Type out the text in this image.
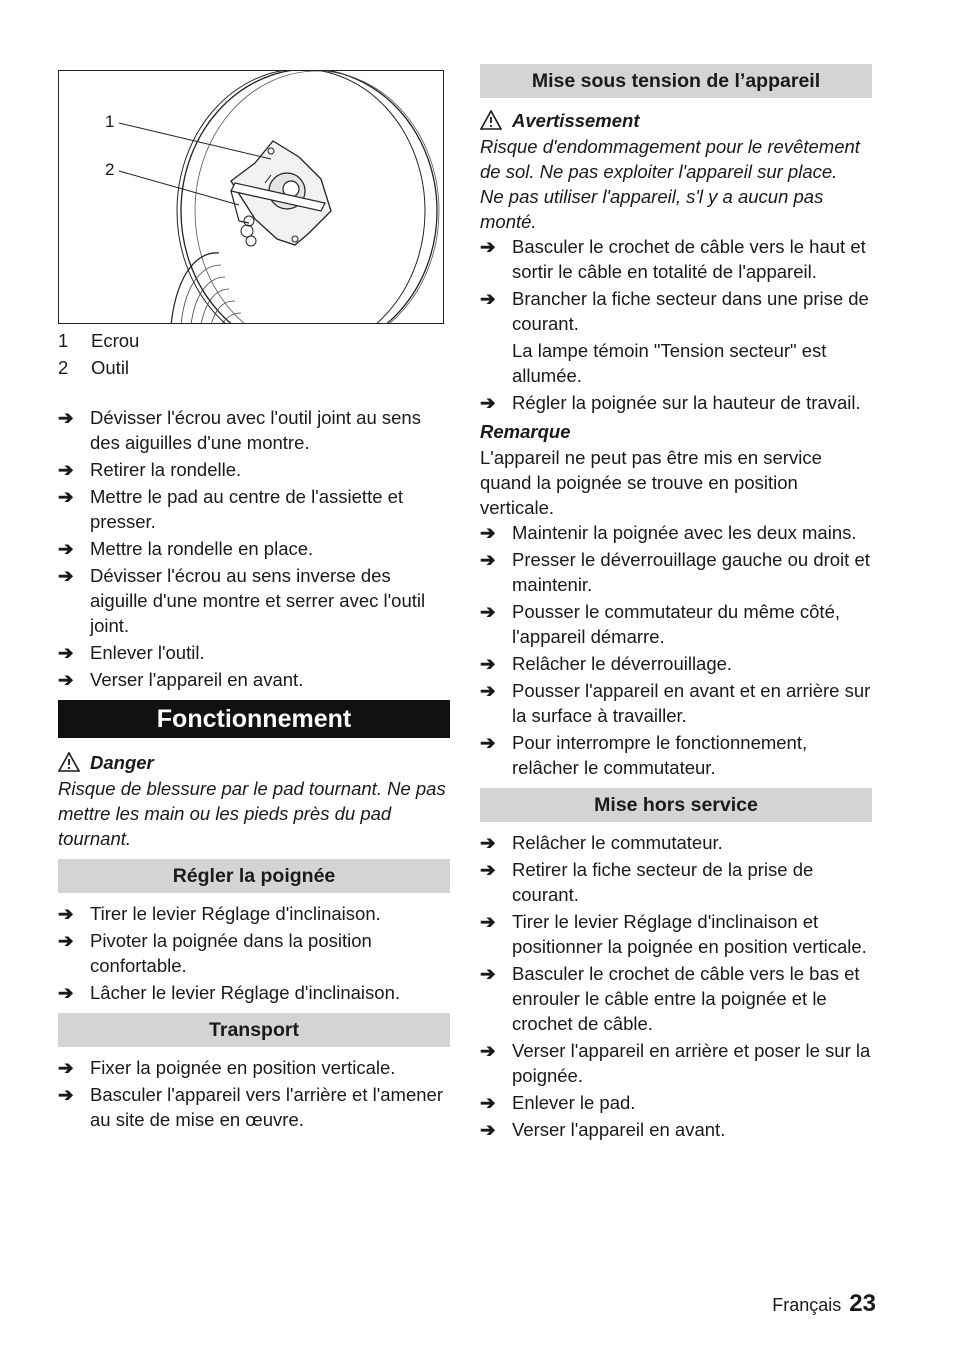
1
2
1	Ecrou
2	Outil
➔ Dévisser l'écrou avec l'outil joint au sens des aiguilles d'une montre.
➔ Retirer la rondelle.
➔ Mettre le pad au centre de l'assiette et presser.
➔ Mettre la rondelle en place.
➔ Dévisser l'écrou au sens inverse des aiguille d'une montre et serrer avec l'outil joint.
➔ Enlever l'outil.
➔ Verser l'appareil en avant.
Fonctionnement
Danger
Risque de blessure par le pad tournant. Ne pas mettre les main ou les pieds près du pad tournant.
Régler la poignée
➔ Tirer le levier Réglage d'inclinaison.
➔ Pivoter la poignée dans la position confortable.
➔ Lâcher le levier Réglage d'inclinaison.
Transport
➔ Fixer la poignée en position verticale.
➔ Basculer l'appareil vers l'arrière et l'amener au site de mise en œuvre.
Mise sous tension de l’appareil
Avertissement
Risque d'endommagement pour le revêtement de sol. Ne pas exploiter l'appareil sur place.
Ne pas utiliser l'appareil, s'l y a aucun pas monté.
➔ Basculer le crochet de câble vers le haut et sortir le câble en totalité de l'appareil.
➔ Brancher la fiche secteur dans une prise de courant.
La lampe témoin "Tension secteur" est allumée.
➔ Régler la poignée sur la hauteur de travail.
Remarque
L'appareil ne peut pas être mis en service quand la poignée se trouve en position verticale.
➔ Maintenir la poignée avec les deux mains.
➔ Presser le déverrouillage gauche ou droit et maintenir.
➔ Pousser le commutateur du même côté, l'appareil démarre.
➔ Relâcher le déverrouillage.
➔ Pousser l'appareil en avant et en arrière sur la surface à travailler.
➔ Pour interrompre le fonctionnement, relâcher le commutateur.
Mise hors service
➔ Relâcher le commutateur.
➔ Retirer la fiche secteur de la prise de courant.
➔ Tirer le levier Réglage d'inclinaison et positionner la poignée en position verticale.
➔ Basculer le crochet de câble vers le bas et enrouler le câble entre la poignée et le crochet de câble.
➔ Verser l'appareil en arrière et poser le sur la poignée.
➔ Enlever le pad.
➔ Verser l'appareil en avant.
Français 23
